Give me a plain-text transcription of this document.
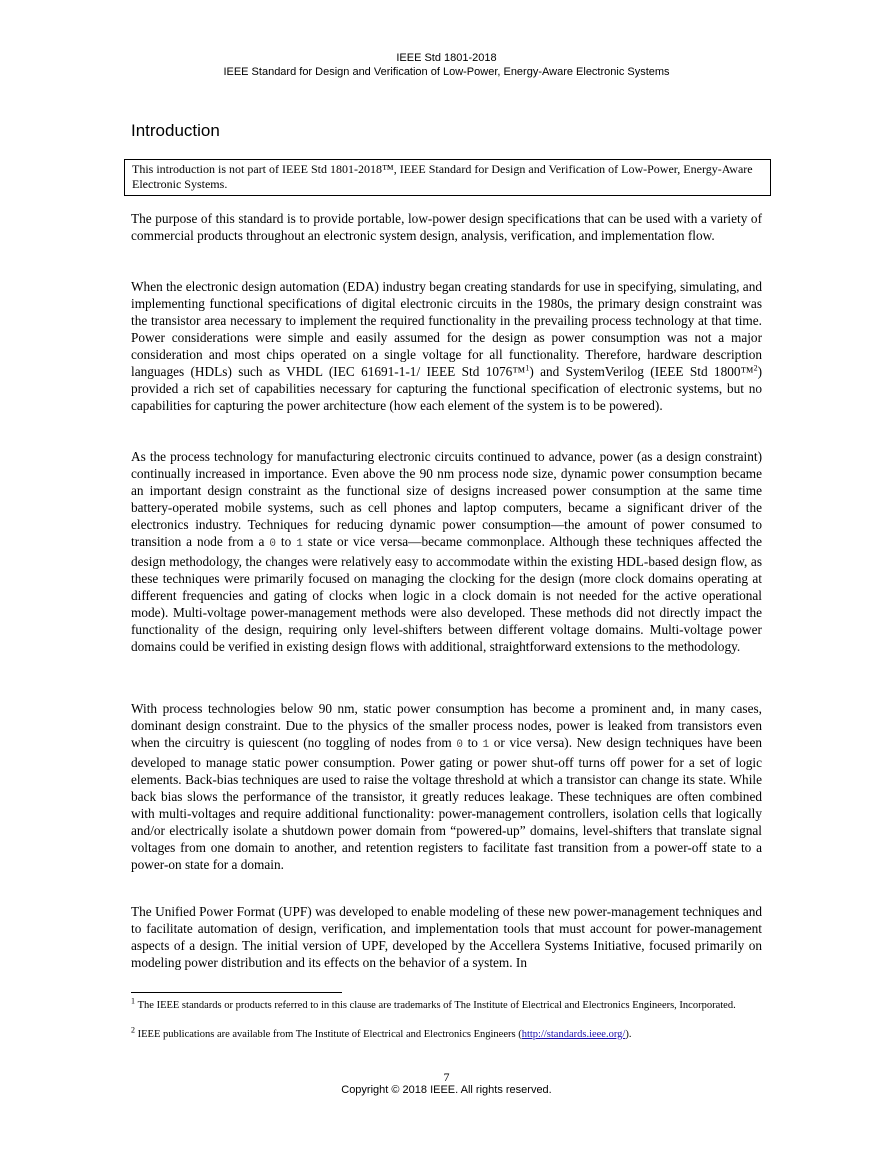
IEEE Std 1801-2018
IEEE Standard for Design and Verification of Low-Power, Energy-Aware Electronic Systems
Introduction
This introduction is not part of IEEE Std 1801-2018™, IEEE Standard for Design and Verification of Low-Power, Energy-Aware Electronic Systems.

The purpose of this standard is to provide portable, low-power design specifications that can be used with a variety of commercial products throughout an electronic system design, analysis, verification, and implementation flow.

When the electronic design automation (EDA) industry began creating standards for use in specifying, simulating, and implementing functional specifications of digital electronic circuits in the 1980s, the primary design constraint was the transistor area necessary to implement the required functionality in the prevailing process technology at that time. Power considerations were simple and easily assumed for the design as power consumption was not a major consideration and most chips operated on a single voltage for all functionality. Therefore, hardware description languages (HDLs) such as VHDL (IEC 61691-1-1/ IEEE Std 1076™$^1$) and SystemVerilog (IEEE Std 1800™$^2$) provided a rich set of capabilities necessary for capturing the functional specification of electronic systems, but no capabilities for capturing the power architecture (how each element of the system is to be powered).

As the process technology for manufacturing electronic circuits continued to advance, power (as a design constraint) continually increased in importance. Even above the 90 nm process node size, dynamic power consumption became an important design constraint as the functional size of designs increased power consumption at the same time battery-operated mobile systems, such as cell phones and laptop computers, became a significant driver of the electronics industry. Techniques for reducing dynamic power consumption—the amount of power consumed to transition a node from a 0 to 1 state or vice versa—became commonplace. Although these techniques affected the design methodology, the changes were relatively easy to accommodate within the existing HDL-based design flow, as these techniques were primarily focused on managing the clocking for the design (more clock domains operating at different frequencies and gating of clocks when logic in a clock domain is not needed for the active operational mode). Multi-voltage power-management methods were also developed. These methods did not directly impact the functionality of the design, requiring only level-shifters between different voltage domains. Multi-voltage power domains could be verified in existing design flows with additional, straightforward extensions to the methodology.

With process technologies below 90 nm, static power consumption has become a prominent and, in many cases, dominant design constraint. Due to the physics of the smaller process nodes, power is leaked from transistors even when the circuitry is quiescent (no toggling of nodes from 0 to 1 or vice versa). New design techniques have been developed to manage static power consumption. Power gating or power shut-off turns off power for a set of logic elements. Back-bias techniques are used to raise the voltage threshold at which a transistor can change its state. While back bias slows the performance of the transistor, it greatly reduces leakage. These techniques are often combined with multi-voltages and require additional functionality: power-management controllers, isolation cells that logically and/or electrically isolate a shutdown power domain from “powered-up” domains, level-shifters that translate signal voltages from one domain to another, and retention registers to facilitate fast transition from a power-off state to a power-on state for a domain.

The Unified Power Format (UPF) was developed to enable modeling of these new power-management techniques and to facilitate automation of design, verification, and implementation tools that must account for power-management aspects of a design. The initial version of UPF, developed by the Accellera Systems Initiative, focused primarily on modeling power distribution and its effects on the behavior of a system. In

$^1$ The IEEE standards or products referred to in this clause are trademarks of The Institute of Electrical and Electronics Engineers, Incorporated.
$^2$ IEEE publications are available from The Institute of Electrical and Electronics Engineers (http://standards.ieee.org/).
7
Copyright © 2018 IEEE. All rights reserved.
